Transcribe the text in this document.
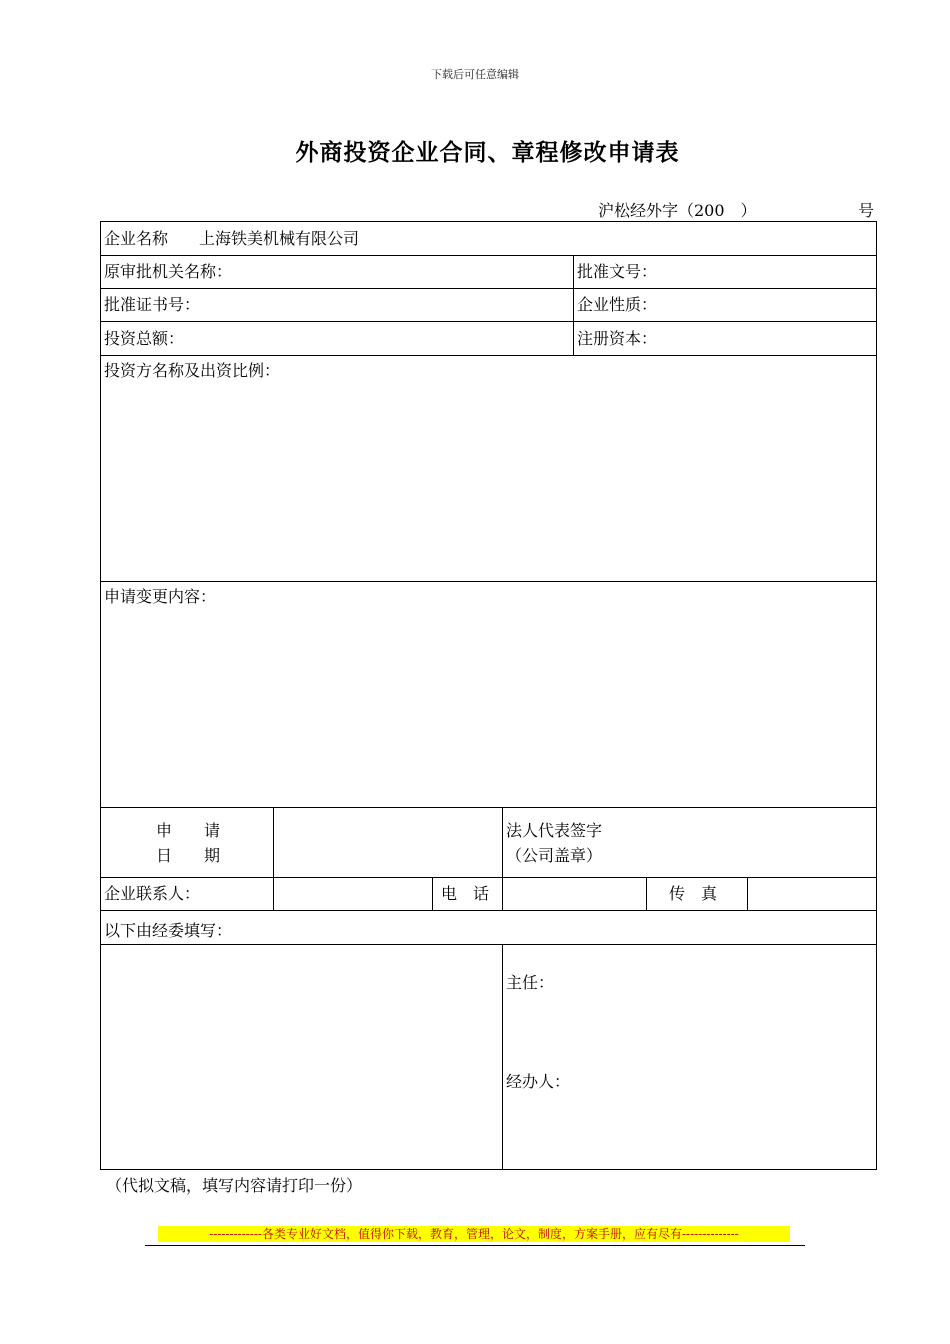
下载后可任意编辑
外商投资企业合同、章程修改申请表
沪松经外字（200　）	号
企业名称 上海铁美机械有限公司
原审批机关名称：	批准文号：
批准证书号：	企业性质：
投资总额：	注册资本：
投资方名称及出资比例：
申请变更内容：
申　　请
日　　期
法人代表签字
（公司盖章）
企业联系人：	电　话	传　真
以下由经委填写：
主任：
经办人：
（代拟文稿，填写内容请打印一份）
-------------各类专业好文档，值得你下载，教育，管理，论文，制度，方案手册，应有尽有--------------
